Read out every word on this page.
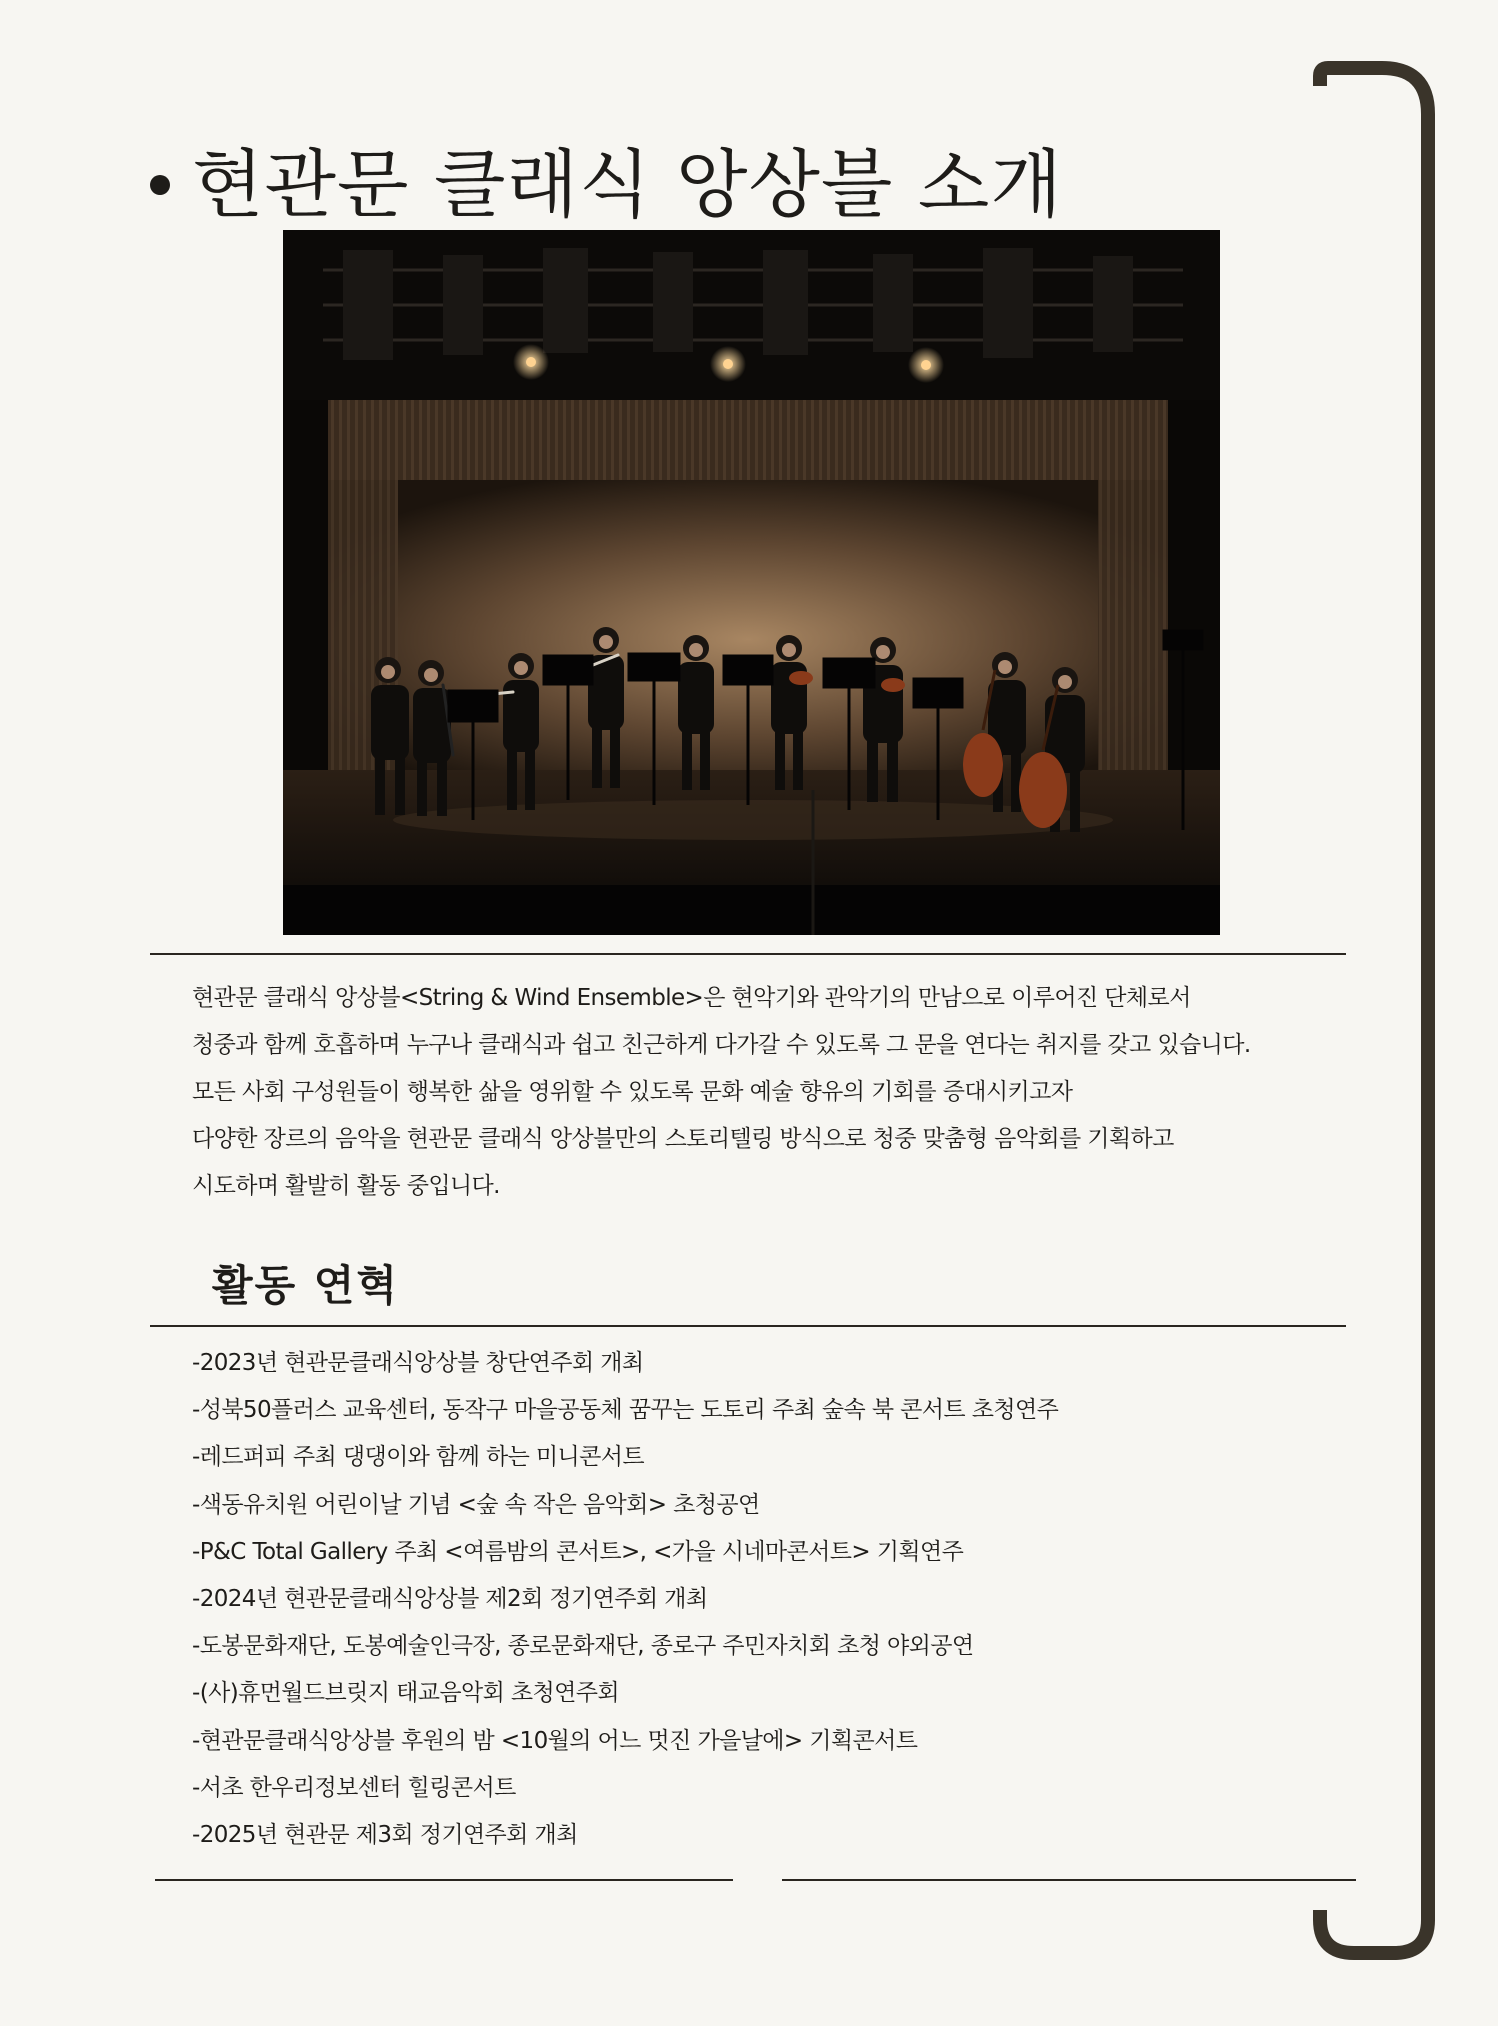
현관문 클래식 앙상블 소개

현관문 클래식 앙상블<String & Wind Ensemble>은 현악기와 관악기의 만남으로 이루어진 단체로서

청중과 함께 호흡하며 누구나 클래식과 쉽고 친근하게 다가갈 수 있도록 그 문을 연다는 취지를 갖고 있습니다.

모든 사회 구성원들이 행복한 삶을 영위할 수 있도록 문화 예술 향유의 기회를 증대시키고자

다양한 장르의 음악을 현관문 클래식 앙상블만의 스토리텔링 방식으로 청중 맞춤형 음악회를 기획하고

시도하며 활발히 활동 중입니다.

활동 연혁
-2023년 현관문클래식앙상블 창단연주회 개최
-성북50플러스 교육센터, 동작구 마을공동체 꿈꾸는 도토리 주최 숲속 북 콘서트 초청연주
-레드퍼피 주최 댕댕이와 함께 하는 미니콘서트
-색동유치원 어린이날 기념 <숲 속 작은 음악회> 초청공연
-P&C Total Gallery 주최 <여름밤의 콘서트>, <가을 시네마콘서트> 기획연주
-2024년 현관문클래식앙상블 제2회 정기연주회 개최
-도봉문화재단, 도봉예술인극장, 종로문화재단, 종로구 주민자치회 초청 야외공연
-(사)휴먼월드브릿지 태교음악회 초청연주회
-현관문클래식앙상블 후원의 밤 <10월의 어느 멋진 가을날에> 기획콘서트
-서초 한우리정보센터 힐링콘서트
-2025년 현관문 제3회 정기연주회 개최
